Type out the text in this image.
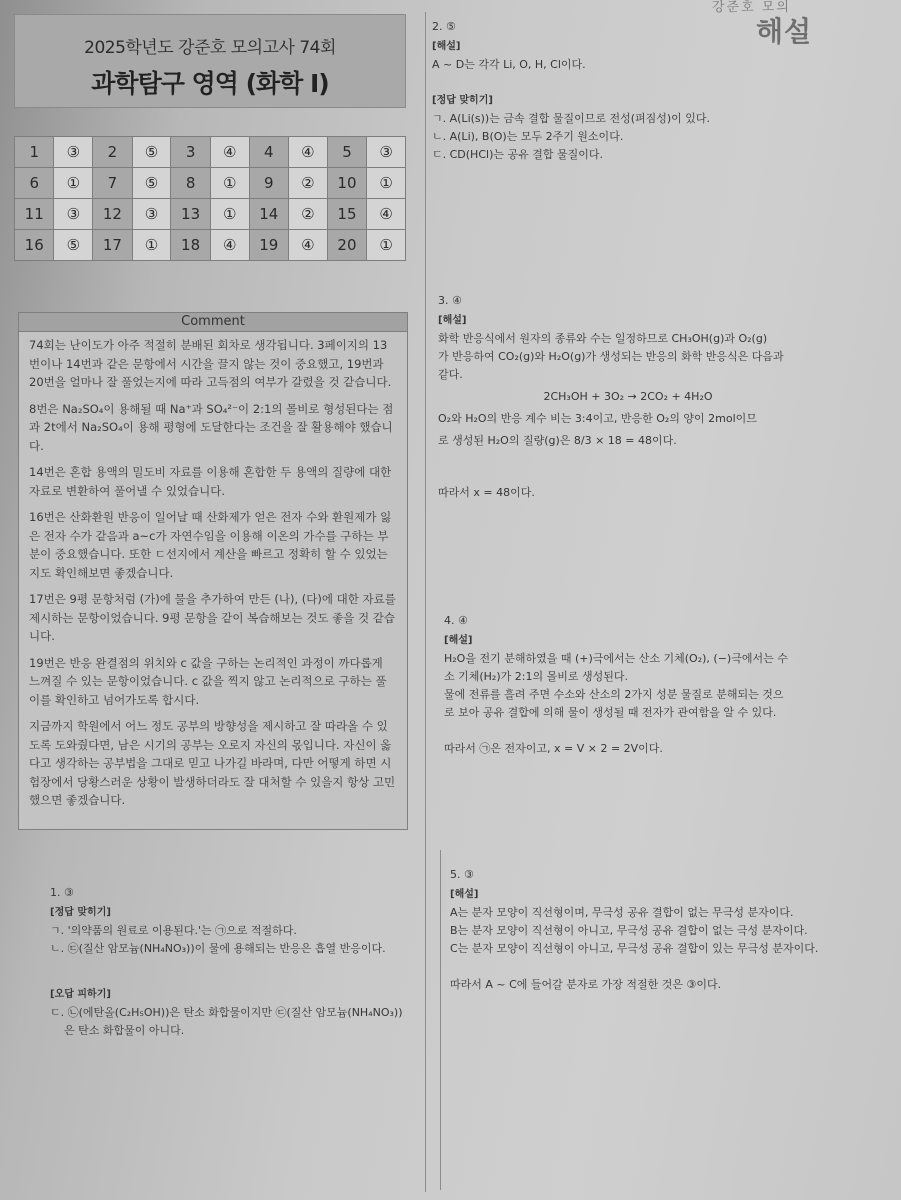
강준호 모의
해설
2025학년도 강준호 모의고사 74회
과학탐구 영역 (화학 I)
1	③	2	⑤	3	④	4	④	5	③
6	①	7	⑤	8	①	9	②	10	①
11	③	12	③	13	①	14	②	15	④
16	⑤	17	①	18	④	19	④	20	①
Comment

74회는 난이도가 아주 적절히 분배된 회차로 생각됩니다. 3페이지의 13번이나 14번과 같은 문항에서 시간을 끌지 않는 것이 중요했고, 19번과 20번을 얼마나 잘 풀었는지에 따라 고득점의 여부가 갈렸을 것 같습니다.

8번은 Na₂SO₄이 용해될 때 Na⁺과 SO₄²⁻이 2:1의 몰비로 형성된다는 점과 2t에서 Na₂SO₄이 용해 평형에 도달한다는 조건을 잘 활용해야 했습니다.

14번은 혼합 용액의 밀도비 자료를 이용해 혼합한 두 용액의 질량에 대한 자료로 변환하여 풀어낼 수 있었습니다.

16번은 산화환원 반응이 일어날 때 산화제가 얻은 전자 수와 환원제가 잃은 전자 수가 같음과 a~c가 자연수임을 이용해 이온의 가수를 구하는 부분이 중요했습니다. 또한 ㄷ선지에서 계산을 빠르고 정확히 할 수 있었는지도 확인해보면 좋겠습니다.

17번은 9평 문항처럼 (가)에 물을 추가하여 만든 (나), (다)에 대한 자료를 제시하는 문항이었습니다. 9평 문항을 같이 복습해보는 것도 좋을 것 같습니다.

19번은 반응 완결점의 위치와 c 값을 구하는 논리적인 과정이 까다롭게 느껴질 수 있는 문항이었습니다. c 값을 찍지 않고 논리적으로 구하는 풀이를 확인하고 넘어가도록 합시다.

지금까지 학원에서 어느 정도 공부의 방향성을 제시하고 잘 따라올 수 있도록 도와줬다면, 남은 시기의 공부는 오로지 자신의 몫입니다. 자신이 옳다고 생각하는 공부법을 그대로 믿고 나가길 바라며, 다만 어떻게 하면 시험장에서 당황스러운 상황이 발생하더라도 잘 대처할 수 있을지 항상 고민했으면 좋겠습니다.

1. ③
[정답 맞히기]
ㄱ. '의약품의 원료로 이용된다.'는 ㉠으로 적절하다.
ㄴ. ㉢(질산 암모늄(NH₄NO₃))이 물에 용해되는 반응은 흡열 반응이다.
[오답 피하기]
ㄷ. ㉡(에탄올(C₂H₅OH))은 탄소 화합물이지만 ㉢(질산 암모늄(NH₄NO₃))
은 탄소 화합물이 아니다.
2. ⑤
[해설]
A ~ D는 각각 Li, O, H, Cl이다.
[정답 맞히기]
ㄱ. A(Li(s))는 금속 결합 물질이므로 전성(펴짐성)이 있다.
ㄴ. A(Li), B(O)는 모두 2주기 원소이다.
ㄷ. CD(HCl)는 공유 결합 물질이다.
3. ④
[해설]
화학 반응식에서 원자의 종류와 수는 일정하므로 CH₃OH(g)과 O₂(g)
가 반응하여 CO₂(g)와 H₂O(g)가 생성되는 반응의 화학 반응식은 다음과
같다.
2CH₃OH + 3O₂ → 2CO₂ + 4H₂O
O₂와 H₂O의 반응 계수 비는 3:4이고, 반응한 O₂의 양이 2mol이므
로 생성된 H₂O의 질량(g)은 8/3 × 18 = 48이다.
따라서 x = 48이다.
4. ④
[해설]
H₂O을 전기 분해하였을 때 (+)극에서는 산소 기체(O₂), (−)극에서는 수
소 기체(H₂)가 2:1의 몰비로 생성된다.
물에 전류를 흘려 주면 수소와 산소의 2가지 성분 물질로 분해되는 것으
로 보아 공유 결합에 의해 물이 생성될 때 전자가 관여함을 알 수 있다.
따라서 ㉠은 전자이고, x = V × 2 = 2V이다.
5. ③
[해설]
A는 분자 모양이 직선형이며, 무극성 공유 결합이 없는 무극성 분자이다.
B는 분자 모양이 직선형이 아니고, 무극성 공유 결합이 없는 극성 분자이다.
C는 분자 모양이 직선형이 아니고, 무극성 공유 결합이 있는 무극성 분자이다.
따라서 A ~ C에 들어갈 분자로 가장 적절한 것은 ③이다.
